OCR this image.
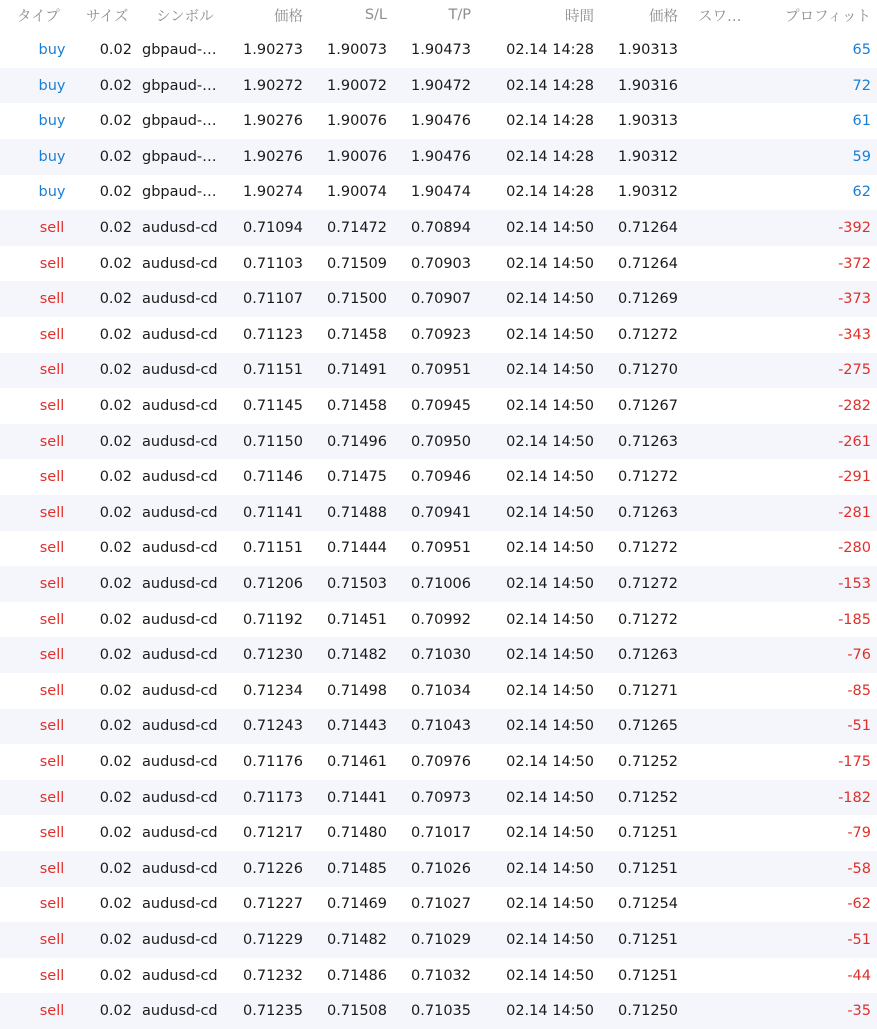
タイプ	サイズ	シンボル	価格	S/L	T/P	時間	価格 スワ…	プロフィット
buy	0.02 gbpaud-…	1.90273	1.90073	1.90473	02.14 14:28	1.90313	65
buy	0.02 gbpaud-…	1.90272	1.90072	1.90472	02.14 14:28	1.90316	72
buy	0.02 gbpaud-…	1.90276	1.90076	1.90476	02.14 14:28	1.90313	61
buy	0.02 gbpaud-…	1.90276	1.90076	1.90476	02.14 14:28	1.90312	59
buy	0.02 gbpaud-…	1.90274	1.90074	1.90474	02.14 14:28	1.90312	62
sell	0.02 audusd-cd	0.71094	0.71472	0.70894	02.14 14:50	0.71264	-392
sell	0.02 audusd-cd	0.71103	0.71509	0.70903	02.14 14:50	0.71264	-372
sell	0.02 audusd-cd	0.71107	0.71500	0.70907	02.14 14:50	0.71269	-373
sell	0.02 audusd-cd	0.71123	0.71458	0.70923	02.14 14:50	0.71272	-343
sell	0.02 audusd-cd	0.71151	0.71491	0.70951	02.14 14:50	0.71270	-275
sell	0.02 audusd-cd	0.71145	0.71458	0.70945	02.14 14:50	0.71267	-282
sell	0.02 audusd-cd	0.71150	0.71496	0.70950	02.14 14:50	0.71263	-261
sell	0.02 audusd-cd	0.71146	0.71475	0.70946	02.14 14:50	0.71272	-291
sell	0.02 audusd-cd	0.71141	0.71488	0.70941	02.14 14:50	0.71263	-281
sell	0.02 audusd-cd	0.71151	0.71444	0.70951	02.14 14:50	0.71272	-280
sell	0.02 audusd-cd	0.71206	0.71503	0.71006	02.14 14:50	0.71272	-153
sell	0.02 audusd-cd	0.71192	0.71451	0.70992	02.14 14:50	0.71272	-185
sell	0.02 audusd-cd	0.71230	0.71482	0.71030	02.14 14:50	0.71263	-76
sell	0.02 audusd-cd	0.71234	0.71498	0.71034	02.14 14:50	0.71271	-85
sell	0.02 audusd-cd	0.71243	0.71443	0.71043	02.14 14:50	0.71265	-51
sell	0.02 audusd-cd	0.71176	0.71461	0.70976	02.14 14:50	0.71252	-175
sell	0.02 audusd-cd	0.71173	0.71441	0.70973	02.14 14:50	0.71252	-182
sell	0.02 audusd-cd	0.71217	0.71480	0.71017	02.14 14:50	0.71251	-79
sell	0.02 audusd-cd	0.71226	0.71485	0.71026	02.14 14:50	0.71251	-58
sell	0.02 audusd-cd	0.71227	0.71469	0.71027	02.14 14:50	0.71254	-62
sell	0.02 audusd-cd	0.71229	0.71482	0.71029	02.14 14:50	0.71251	-51
sell	0.02 audusd-cd	0.71232	0.71486	0.71032	02.14 14:50	0.71251	-44
sell	0.02 audusd-cd	0.71235	0.71508	0.71035	02.14 14:50	0.71250	-35
